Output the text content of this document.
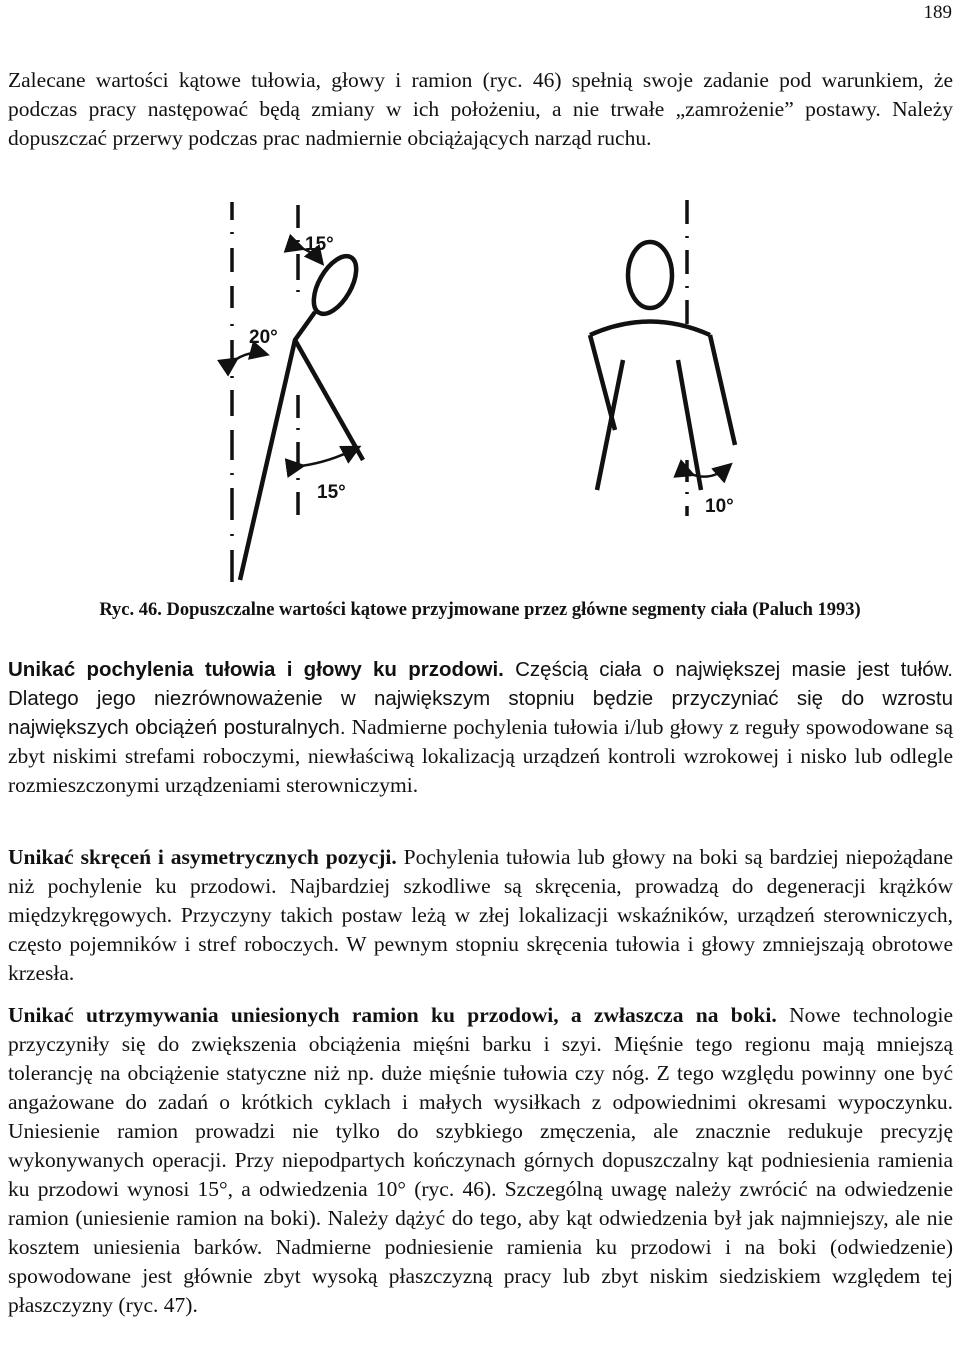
189

Zalecane wartości kątowe tułowia, głowy i ramion (ryc. 46) spełnią swoje zadanie pod warunkiem, że podczas pracy następować będą zmiany w ich położeniu, a nie trwałe „zamrożenie” postawy. Należy dopuszczać przerwy podczas prac nadmiernie obciążających narząd ruchu.

15°
20°
15°
10°
Ryc. 46. Dopuszczalne wartości kątowe przyjmowane przez główne segmenty ciała (Paluch 1993)

Unikać pochylenia tułowia i głowy ku przodowi. Częścią ciała o największej masie jest tułów. Dlatego jego niezrównoważenie w największym stopniu będzie przyczyniać się do wzrostu największych obciążeń posturalnych. Nadmierne pochylenia tułowia i/lub głowy z reguły spowodowane są zbyt niskimi strefami roboczymi, niewłaściwą lokalizacją urządzeń kontroli wzrokowej i nisko lub odlegle rozmieszczonymi urządzeniami sterowniczymi.

Unikać skręceń i asymetrycznych pozycji. Pochylenia tułowia lub głowy na boki są bardziej niepożądane niż pochylenie ku przodowi. Najbardziej szkodliwe są skręcenia, prowadzą do degeneracji krążków międzykręgowych. Przyczyny takich postaw leżą w złej lokalizacji wskaźników, urządzeń sterowniczych, często pojemników i stref roboczych. W pewnym stopniu skręcenia tułowia i głowy zmniejszają obrotowe krzesła.

Unikać utrzymywania uniesionych ramion ku przodowi, a zwłaszcza na boki. Nowe technologie przyczyniły się do zwiększenia obciążenia mięśni barku i szyi. Mięśnie tego regionu mają mniejszą tolerancję na obciążenie statyczne niż np. duże mięśnie tułowia czy nóg. Z tego względu powinny one być angażowane do zadań o krótkich cyklach i małych wysiłkach z odpowiednimi okresami wypoczynku. Uniesienie ramion prowadzi nie tylko do szybkiego zmęczenia, ale znacznie redukuje precyzję wykonywanych operacji. Przy niepodpartych kończynach górnych dopuszczalny kąt podniesienia ramienia ku przodowi wynosi 15°, a odwiedzenia 10° (ryc. 46). Szczególną uwagę należy zwrócić na odwiedzenie ramion (uniesienie ramion na boki). Należy dążyć do tego, aby kąt odwiedzenia był jak najmniejszy, ale nie kosztem uniesienia barków. Nadmierne podniesienie ramienia ku przodowi i na boki (odwiedzenie) spowodowane jest głównie zbyt wysoką płaszczyzną pracy lub zbyt niskim siedziskiem względem tej płaszczyzny (ryc. 47).
